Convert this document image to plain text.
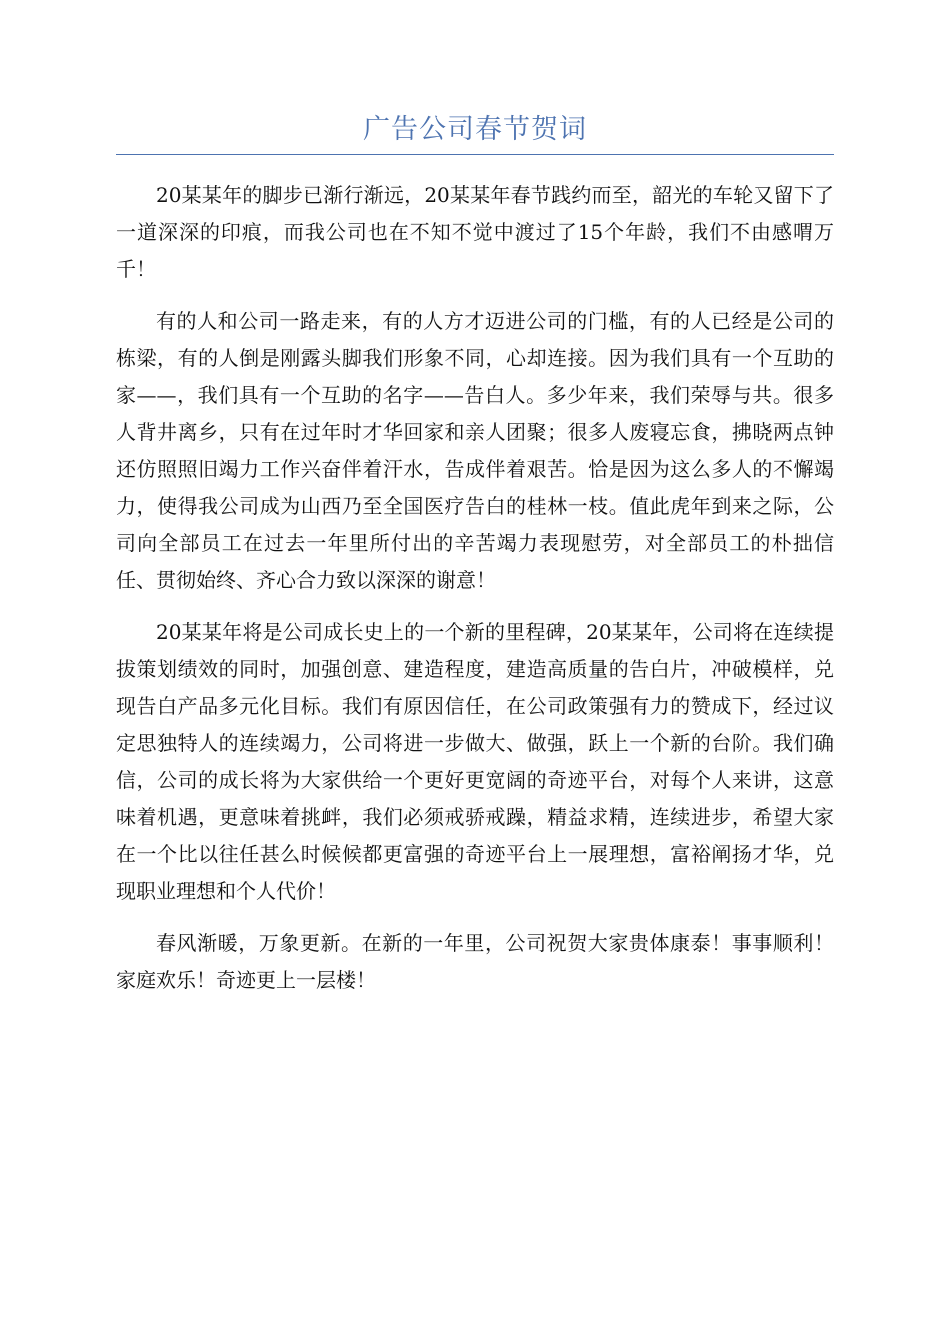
广告公司春节贺词

20某某年的脚步已渐行渐远，20某某年春节践约而至，韶光的车轮又留下了一道深深的印痕，而我公司也在不知不觉中渡过了15个年龄，我们不由感喟万千！

有的人和公司一路走来，有的人方才迈进公司的门槛，有的人已经是公司的栋梁，有的人倒是刚露头脚我们形象不同，心却连接。因为我们具有一个互助的家——，我们具有一个互助的名字——告白人。多少年来，我们荣辱与共。很多人背井离乡，只有在过年时才华回家和亲人团聚；很多人废寝忘食，拂晓两点钟还仿照照旧竭力工作兴奋伴着汗水，告成伴着艰苦。恰是因为这么多人的不懈竭力，使得我公司成为山西乃至全国医疗告白的桂林一枝。值此虎年到来之际，公司向全部员工在过去一年里所付出的辛苦竭力表现慰劳，对全部员工的朴拙信任、贯彻始终、齐心合力致以深深的谢意！

20某某年将是公司成长史上的一个新的里程碑，20某某年，公司将在连续提拔策划绩效的同时，加强创意、建造程度，建造高质量的告白片，冲破模样，兑现告白产品多元化目标。我们有原因信任，在公司政策强有力的赞成下，经过议定思独特人的连续竭力，公司将进一步做大、做强，跃上一个新的台阶。我们确信，公司的成长将为大家供给一个更好更宽阔的奇迹平台，对每个人来讲，这意味着机遇，更意味着挑衅，我们必须戒骄戒躁，精益求精，连续进步，希望大家在一个比以往任甚么时候候都更富强的奇迹平台上一展理想，富裕阐扬才华，兑现职业理想和个人代价！

春风渐暖，万象更新。在新的一年里，公司祝贺大家贵体康泰！事事顺利！家庭欢乐！奇迹更上一层楼！
